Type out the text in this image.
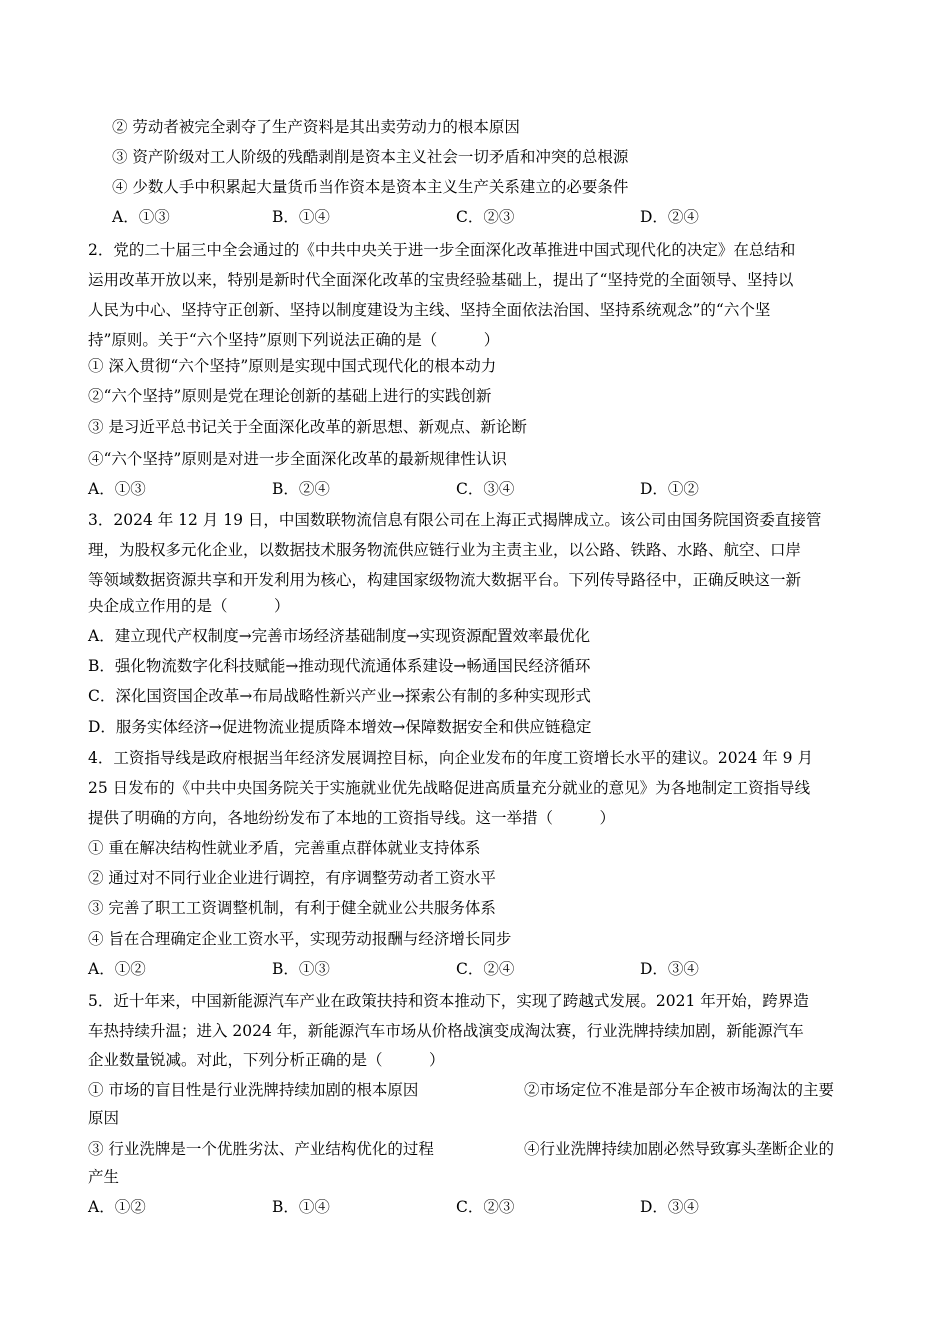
② 劳动者被完全剥夺了生产资料是其出卖劳动力的根本原因
③ 资产阶级对工人阶级的残酷剥削是资本主义社会一切矛盾和冲突的总根源
④ 少数人手中积累起大量货币当作资本是资本主义生产关系建立的必要条件
A．①③	B．①④	C．②③	D．②④
2．党的二十届三中全会通过的《中共中央关于进一步全面深化改革推进中国式现代化的决定》在总结和
运用改革开放以来，特别是新时代全面深化改革的宝贵经验基础上，提出了“坚持党的全面领导、坚持以
人民为中心、坚持守正创新、坚持以制度建设为主线、坚持全面依法治国、坚持系统观念”的“六个坚
持”原则。关于“六个坚持”原则下列说法正确的是（　　　）
① 深入贯彻“六个坚持”原则是实现中国式现代化的根本动力
②“六个坚持”原则是党在理论创新的基础上进行的实践创新
③ 是习近平总书记关于全面深化改革的新思想、新观点、新论断
④“六个坚持”原则是对进一步全面深化改革的最新规律性认识
A．①③	B．②④	C．③④	D．①②
3．2024 年 12 月 19 日，中国数联物流信息有限公司在上海正式揭牌成立。该公司由国务院国资委直接管
理，为股权多元化企业，以数据技术服务物流供应链行业为主责主业，以公路、铁路、水路、航空、口岸
等领域数据资源共享和开发利用为核心，构建国家级物流大数据平台。下列传导路径中，正确反映这一新
央企成立作用的是（　　　）
A．建立现代产权制度→完善市场经济基础制度→实现资源配置效率最优化
B．强化物流数字化科技赋能→推动现代流通体系建设→畅通国民经济循环
C．深化国资国企改革→布局战略性新兴产业→探索公有制的多种实现形式
D．服务实体经济→促进物流业提质降本增效→保障数据安全和供应链稳定
4．工资指导线是政府根据当年经济发展调控目标，向企业发布的年度工资增长水平的建议。2024 年 9 月
25 日发布的《中共中央国务院关于实施就业优先战略促进高质量充分就业的意见》为各地制定工资指导线
提供了明确的方向，各地纷纷发布了本地的工资指导线。这一举措（　　　）
① 重在解决结构性就业矛盾，完善重点群体就业支持体系
② 通过对不同行业企业进行调控，有序调整劳动者工资水平
③ 完善了职工工资调整机制，有利于健全就业公共服务体系
④ 旨在合理确定企业工资水平，实现劳动报酬与经济增长同步
A．①②	B．①③	C．②④	D．③④
5．近十年来，中国新能源汽车产业在政策扶持和资本推动下，实现了跨越式发展。2021 年开始，跨界造
车热持续升温；进入 2024 年，新能源汽车市场从价格战演变成淘汰赛，行业洗牌持续加剧，新能源汽车
企业数量锐减。对此，下列分析正确的是（　　　）
① 市场的盲目性是行业洗牌持续加剧的根本原因	②市场定位不准是部分车企被市场淘汰的主要
原因
③ 行业洗牌是一个优胜劣汰、产业结构优化的过程	④行业洗牌持续加剧必然导致寡头垄断企业的
产生
A．①②	B．①④	C．②③	D．③④
